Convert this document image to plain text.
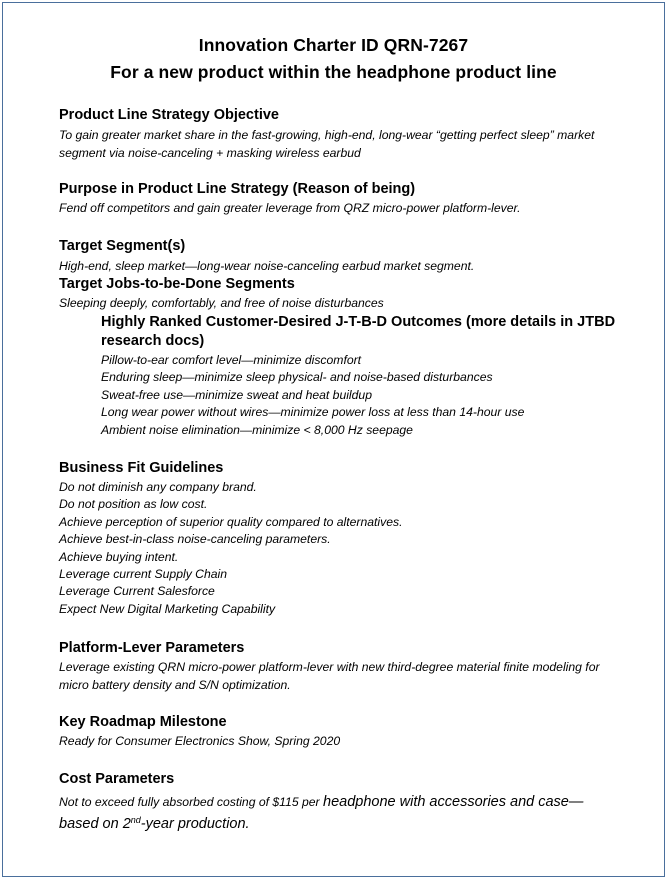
Innovation Charter ID QRN-7267
For a new product within the headphone product line
Product Line Strategy Objective
To gain greater market share in the fast-growing, high-end, long-wear “getting perfect sleep” market segment via noise-canceling + masking wireless earbud
Purpose in Product Line Strategy (Reason of being)
Fend off competitors and gain greater leverage from QRZ micro-power platform-lever.
Target Segment(s)
High-end, sleep market—long-wear noise-canceling earbud market segment.
Target Jobs-to-be-Done Segments
Sleeping deeply, comfortably, and free of noise disturbances
Highly Ranked Customer-Desired J-T-B-D Outcomes (more details in JTBD
research docs)
Pillow-to-ear comfort level—minimize discomfort
Enduring sleep—minimize sleep physical- and noise-based disturbances
Sweat-free use—minimize sweat and heat buildup
Long wear power without wires—minimize power loss at less than 14-hour use
Ambient noise elimination—minimize < 8,000 Hz seepage
Business Fit Guidelines
Do not diminish any company brand.
Do not position as low cost.
Achieve perception of superior quality compared to alternatives.
Achieve best-in-class noise-canceling parameters.
Achieve buying intent.
Leverage current Supply Chain
Leverage Current Salesforce
Expect New Digital Marketing Capability
Platform-Lever Parameters
Leverage existing QRN micro-power platform-lever with new third-degree material finite modeling for micro battery density and S/N optimization.
Key Roadmap Milestone
Ready for Consumer Electronics Show, Spring 2020
Cost Parameters
Not to exceed fully absorbed costing of $115 per headphone with accessories and case—
based on 2nd-year production.
